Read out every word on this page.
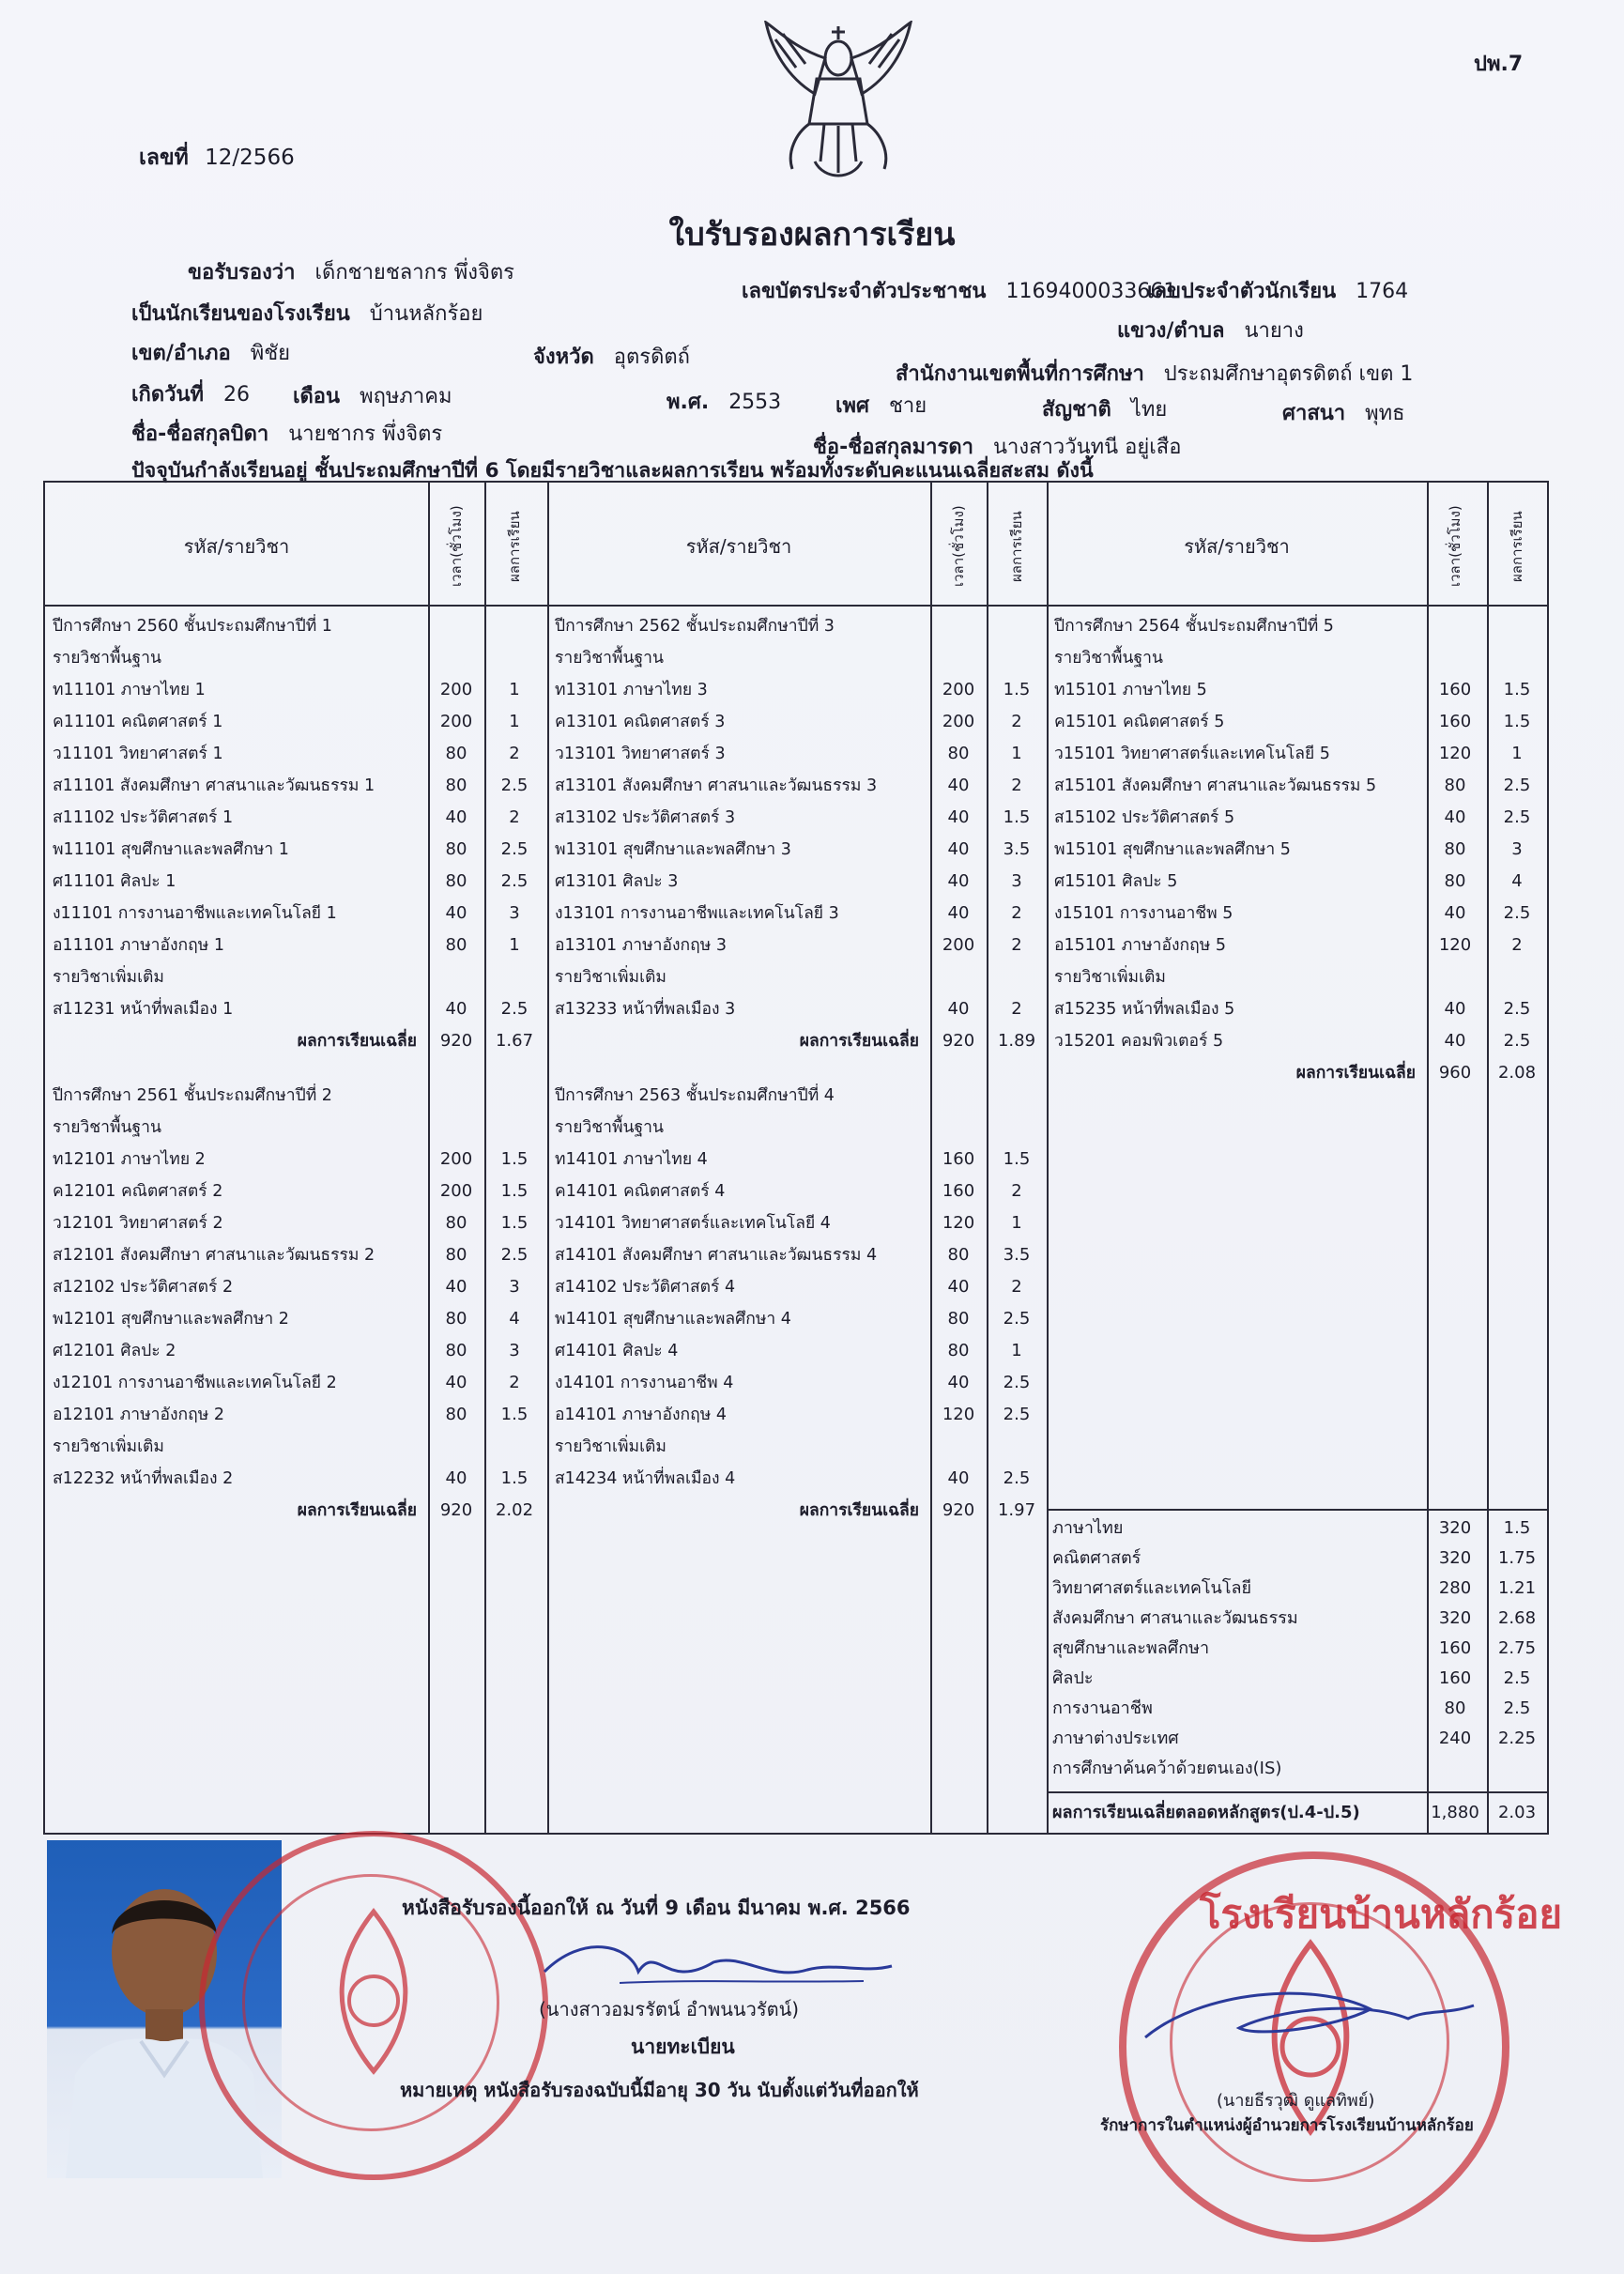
ปพ.7
เลขที่ 12/2566
ใบรับรองผลการเรียน
ขอรับรองว่า เด็กชายชลากร พึ่งจิตร
เลขบัตรประจำตัวประชาชน 1169400033661
เลขประจำตัวนักเรียน 1764
เป็นนักเรียนของโรงเรียน บ้านหลักร้อย
แขวง/ตำบล นายาง
เขต/อำเภอ พิชัย	จังหวัด อุตรดิตถ์
สำนักงานเขตพื้นที่การศึกษา ประถมศึกษาอุตรดิตถ์ เขต 1
เกิดวันที่ 26 เดือน พฤษภาคม	พ.ศ. 2553	เพศ ชาย	สัญชาติ ไทย	ศาสนา พุทธ
ชื่อ-ชื่อสกุลบิดา นายชากร พึ่งจิตร
ชื่อ-ชื่อสกุลมารดา นางสาววันทนี อยู่เสือ
ปัจจุบันกำลังเรียนอยู่ ชั้นประถมศึกษาปีที่ 6 โดยมีรายวิชาและผลการเรียน พร้อมทั้งระดับคะแนนเฉลี่ยสะสม ดังนี้
รหัส/รายวิชา	เวลา(ชั่วโมง)	ผลการเรียน	รหัส/รายวิชา	เวลา(ชั่วโมง)	ผลการเรียน	รหัส/รายวิชา	เวลา(ชั่วโมง)	ผลการเรียน
ปีการศึกษา 2560 ชั้นประถมศึกษาปีที่ 1
รายวิชาพื้นฐาน
ท11101 ภาษาไทย 1	200	1
ค11101 คณิตศาสตร์ 1	200	1
ว11101 วิทยาศาสตร์ 1	80	2
ส11101 สังคมศึกษา ศาสนาและวัฒนธรรม 1	80	2.5
ส11102 ประวัติศาสตร์ 1	40	2
พ11101 สุขศึกษาและพลศึกษา 1	80	2.5
ศ11101 ศิลปะ 1	80	2.5
ง11101 การงานอาชีพและเทคโนโลยี 1	40	3
อ11101 ภาษาอังกฤษ 1	80	1
รายวิชาเพิ่มเติม
ส11231 หน้าที่พลเมือง 1	40	2.5
ผลการเรียนเฉลี่ย	920	1.67
ปีการศึกษา 2561 ชั้นประถมศึกษาปีที่ 2
รายวิชาพื้นฐาน
ท12101 ภาษาไทย 2	200	1.5
ค12101 คณิตศาสตร์ 2	200	1.5
ว12101 วิทยาศาสตร์ 2	80	1.5
ส12101 สังคมศึกษา ศาสนาและวัฒนธรรม 2	80	2.5
ส12102 ประวัติศาสตร์ 2	40	3
พ12101 สุขศึกษาและพลศึกษา 2	80	4
ศ12101 ศิลปะ 2	80	3
ง12101 การงานอาชีพและเทคโนโลยี 2	40	2
อ12101 ภาษาอังกฤษ 2	80	1.5
รายวิชาเพิ่มเติม
ส12232 หน้าที่พลเมือง 2	40	1.5
ผลการเรียนเฉลี่ย	920	2.02
ปีการศึกษา 2562 ชั้นประถมศึกษาปีที่ 3
รายวิชาพื้นฐาน
ท13101 ภาษาไทย 3	200	1.5
ค13101 คณิตศาสตร์ 3	200	2
ว13101 วิทยาศาสตร์ 3	80	1
ส13101 สังคมศึกษา ศาสนาและวัฒนธรรม 3	40	2
ส13102 ประวัติศาสตร์ 3	40	1.5
พ13101 สุขศึกษาและพลศึกษา 3	40	3.5
ศ13101 ศิลปะ 3	40	3
ง13101 การงานอาชีพและเทคโนโลยี 3	40	2
อ13101 ภาษาอังกฤษ 3	200	2
รายวิชาเพิ่มเติม
ส13233 หน้าที่พลเมือง 3	40	2
ผลการเรียนเฉลี่ย	920	1.89
ปีการศึกษา 2563 ชั้นประถมศึกษาปีที่ 4
รายวิชาพื้นฐาน
ท14101 ภาษาไทย 4	160	1.5
ค14101 คณิตศาสตร์ 4	160	2
ว14101 วิทยาศาสตร์และเทคโนโลยี 4	120	1
ส14101 สังคมศึกษา ศาสนาและวัฒนธรรม 4	80	3.5
ส14102 ประวัติศาสตร์ 4	40	2
พ14101 สุขศึกษาและพลศึกษา 4	80	2.5
ศ14101 ศิลปะ 4	80	1
ง14101 การงานอาชีพ 4	40	2.5
อ14101 ภาษาอังกฤษ 4	120	2.5
รายวิชาเพิ่มเติม
ส14234 หน้าที่พลเมือง 4	40	2.5
ผลการเรียนเฉลี่ย	920	1.97
ปีการศึกษา 2564 ชั้นประถมศึกษาปีที่ 5
รายวิชาพื้นฐาน
ท15101 ภาษาไทย 5	160	1.5
ค15101 คณิตศาสตร์ 5	160	1.5
ว15101 วิทยาศาสตร์และเทคโนโลยี 5	120	1
ส15101 สังคมศึกษา ศาสนาและวัฒนธรรม 5	80	2.5
ส15102 ประวัติศาสตร์ 5	40	2.5
พ15101 สุขศึกษาและพลศึกษา 5	80	3
ศ15101 ศิลปะ 5	80	4
ง15101 การงานอาชีพ 5	40	2.5
อ15101 ภาษาอังกฤษ 5	120	2
รายวิชาเพิ่มเติม
ส15235 หน้าที่พลเมือง 5	40	2.5
ว15201 คอมพิวเตอร์ 5	40	2.5
ผลการเรียนเฉลี่ย	960	2.08
ภาษาไทย	320	1.5
คณิตศาสตร์	320	1.75
วิทยาศาสตร์และเทคโนโลยี	280	1.21
สังคมศึกษา ศาสนาและวัฒนธรรม	320	2.68
สุขศึกษาและพลศึกษา	160	2.75
ศิลปะ	160	2.5
การงานอาชีพ	80	2.5
ภาษาต่างประเทศ	240	2.25
การศึกษาค้นคว้าด้วยตนเอง(IS)
ผลการเรียนเฉลี่ยตลอดหลักสูตร(ป.4-ป.5)	1,880	2.03
โรงเรียนบ้านหลักร้อย
หนังสือรับรองนี้ออกให้ ณ วันที่ 9 เดือน มีนาคม พ.ศ. 2566
(นางสาวอมรรัตน์ อำพนนวรัตน์)
นายทะเบียน
หมายเหตุ หนังสือรับรองฉบับนี้มีอายุ 30 วัน นับตั้งแต่วันที่ออกให้	(นายธีรวุฒิ ดูแลทิพย์)
รักษาการในตำแหน่งผู้อำนวยการโรงเรียนบ้านหลักร้อย
